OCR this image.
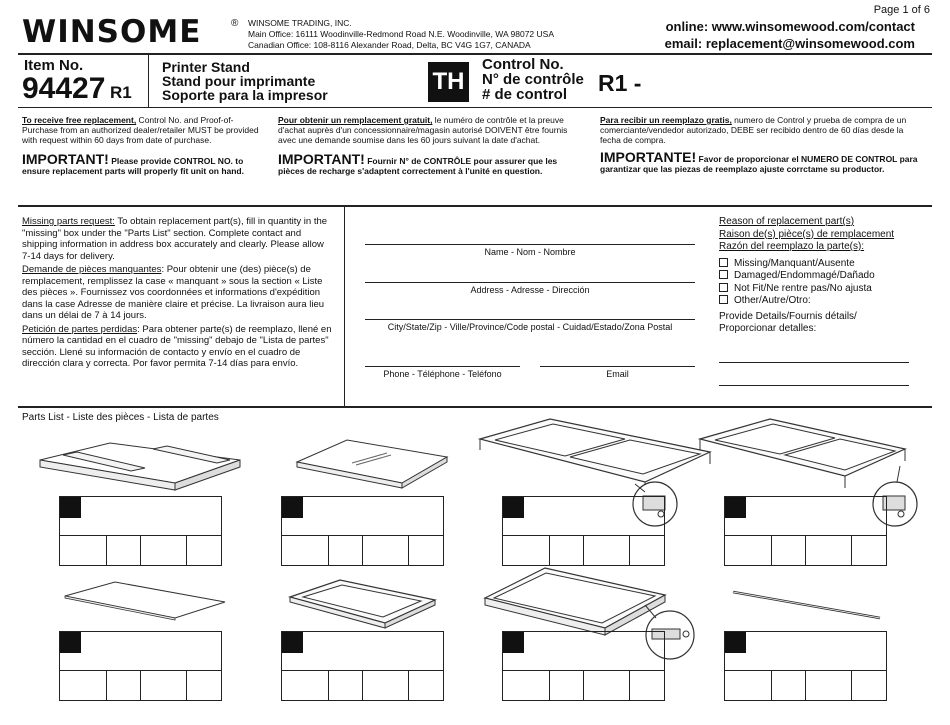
WINSOME	® WINSOME TRADING, INC.
Main Office: 16111 Woodinville-Redmond Road N.E. Woodinville, WA 98072 USA
Canadian Office: 108-8116 Alexander Road, Delta, BC V4G 1G7, CANADA
Page 1 of 6
online: www.winsomewood.com/contact
email: replacement@winsomewood.com
Item No.
94427 R1
Printer Stand
Stand pour imprimante
Soporte para la impresor	TH
Control No.
N° de contrôle
# de control	R1 -
To receive free replacement, Control No. and Proof-of-Purchase from an authorized dealer/retailer MUST be provided with request within 60 days from date of purchase.
IMPORTANT! Please provide CONTROL NO. to ensure replacement parts will properly fit unit on hand.
Pour obtenir un remplacement gratuit, le numéro de contrôle et la preuve d'achat auprès d'un concessionnaire/magasin autorisé DOIVENT être fournis avec une demande soumise dans les 60 jours suivant la date d'achat.
IMPORTANT! Fournir N° de CONTRÔLE pour assurer que les pièces de recharge s'adaptent correctement à l'unité en question.
Para recibir un reemplazo gratis, numero de Control y prueba de compra de un comerciante/vendedor autorizado, DEBE ser recibido dentro de 60 días desde la fecha de compra.
IMPORTANTE! Favor de proporcionar el NUMERO DE CONTROL para garantizar que las piezas de reemplazo ajuste corrctame su productor.

Missing parts request: To obtain replacement part(s), fill in quantity in the "missing" box under the "Parts List" section. Complete contact and shipping information in address box accurately and clearly. Please allow 7-14 days for delivery.

Demande de pièces manquantes: Pour obtenir une (des) pièce(s) de remplacement, remplissez la case « manquant » sous la section « Liste des pièces ». Fournissez vos coordonnées et informations d'expédition dans la case Adresse de manière claire et précise. La livraison aura lieu dans un délai de 7 à 14 jours.

Petición de partes perdidas: Para obtener parte(s) de reemplazo, llené en número la cantidad en el cuadro de "missing" debajo de "Lista de partes" sección. Llené su información de contacto y envío en el cuadro de dirección clara y correcta. Por favor permita 7-14 días para envío.

Name - Nom - Nombre
Address - Adresse - Dirección
City/State/Zip - Ville/Province/Code postal - Cuidad/Estado/Zona Postal
Phone - Téléphone - Teléfono	Email
Reason of replacement part(s)
Raison de(s) pièce(s) de remplacement
Razón del reemplazo la parte(s):
Missing/Manquant/Ausente
Damaged/Endommagé/Dañado
Not Fit/Ne rentre pas/No ajusta
Other/Autre/Otro:
Provide Details/Fournis détails/
Proporcionar detalles:
Parts List - Liste des pièces - Lista de partes
